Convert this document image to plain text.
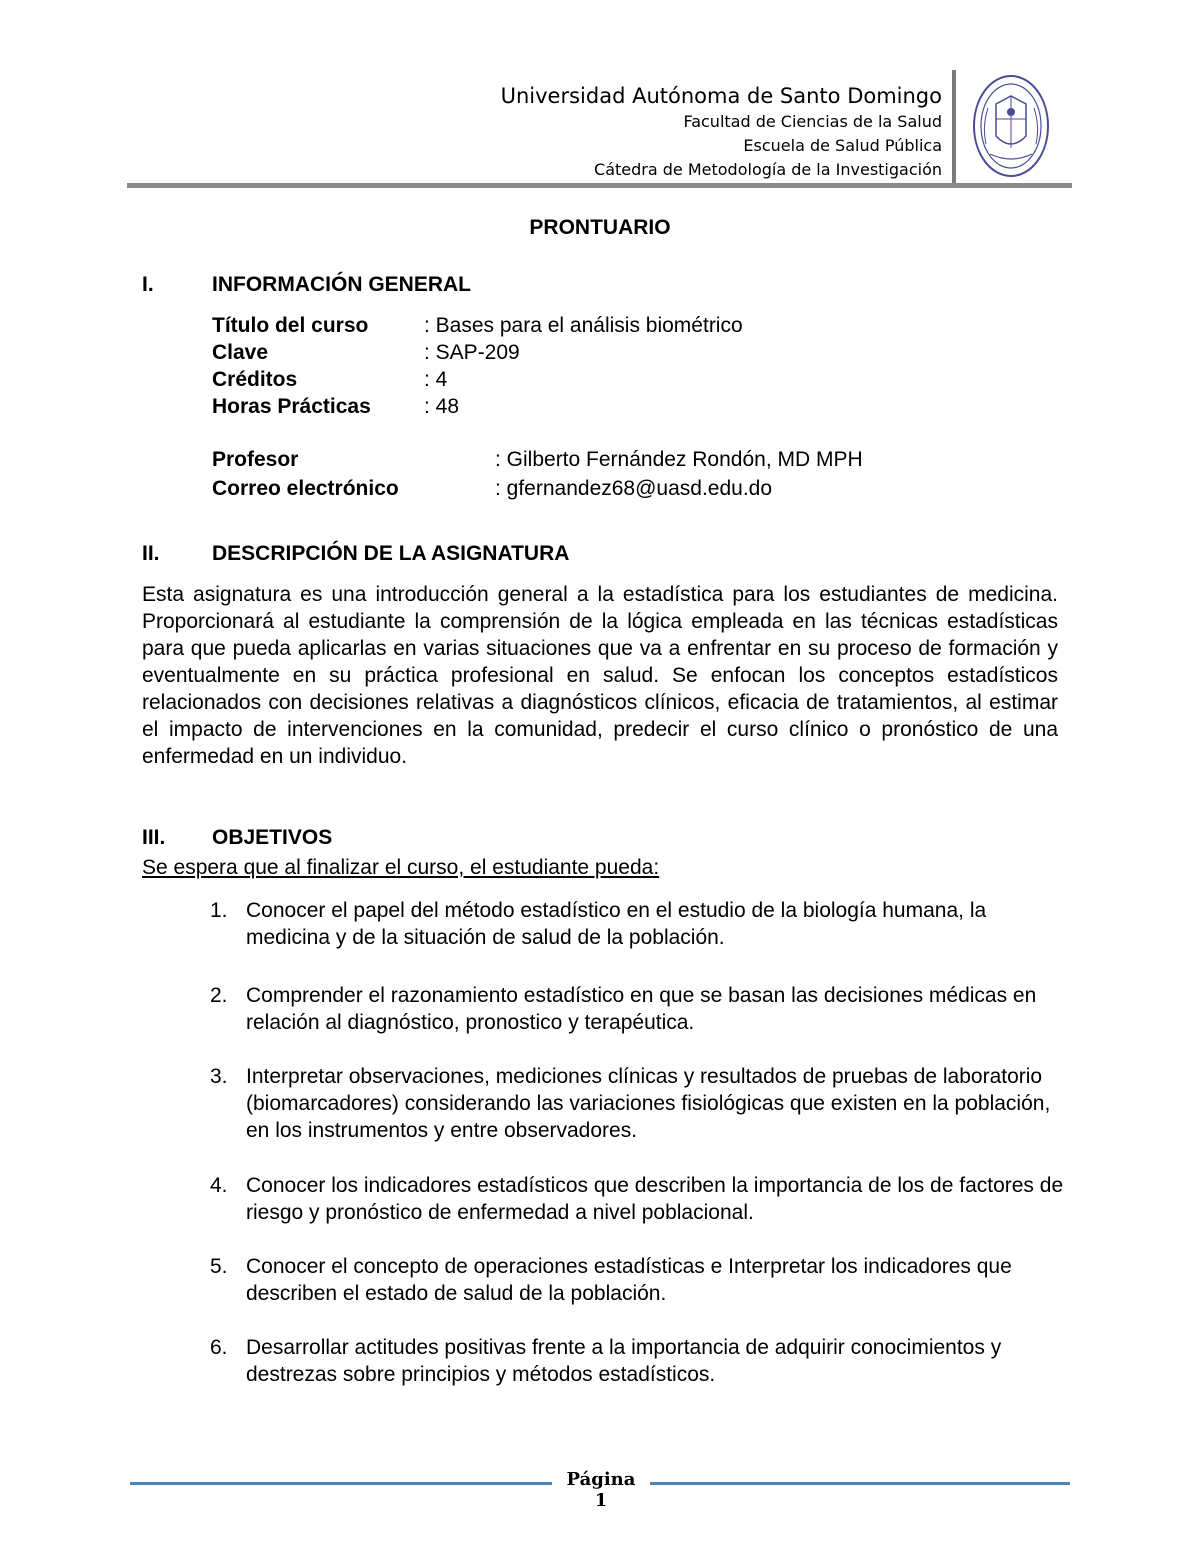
Universidad Autónoma de Santo Domingo
Facultad de Ciencias de la Salud
Escuela de Salud Pública
Cátedra de Metodología de la Investigación
PRONTUARIO
I.	INFORMACIÓN GENERAL
Título del curso	: Bases para el análisis biométrico
Clave	: SAP-209
Créditos	: 4
Horas Prácticas	: 48
Profesor	: Gilberto Fernández Rondón, MD MPH
Correo electrónico	: gfernandez68@uasd.edu.do
II. DESCRIPCIÓN DE LA ASIGNATURA
Esta asignatura es una introducción general a la estadística para los estudiantes de medicina. Proporcionará al estudiante la comprensión de la lógica empleada en las técnicas estadísticas para que pueda aplicarlas en varias situaciones que va a enfrentar en su proceso de formación y eventualmente en su práctica profesional en salud. Se enfocan los conceptos estadísticos relacionados con decisiones relativas a diagnósticos clínicos, eficacia de tratamientos, al estimar el impacto de intervenciones en la comunidad, predecir el curso clínico o pronóstico de una enfermedad en un individuo.
III. OBJETIVOS
Se espera que al finalizar el curso, el estudiante pueda:
1. Conocer el papel del método estadístico en el estudio de la biología humana, la medicina y de la situación de salud de la población.
2. Comprender el razonamiento estadístico en que se basan las decisiones médicas en relación al diagnóstico, pronostico y terapéutica.
3. Interpretar observaciones, mediciones clínicas y resultados de pruebas de laboratorio (biomarcadores) considerando las variaciones fisiológicas que existen en la población, en los instrumentos y entre observadores.
4. Conocer los indicadores estadísticos que describen la importancia de los de factores de riesgo y pronóstico de enfermedad a nivel poblacional.
5. Conocer el concepto de operaciones estadísticas e Interpretar los indicadores que describen el estado de salud de la población.
6. Desarrollar actitudes positivas frente a la importancia de adquirir conocimientos y destrezas sobre principios y métodos estadísticos.
Página 1
